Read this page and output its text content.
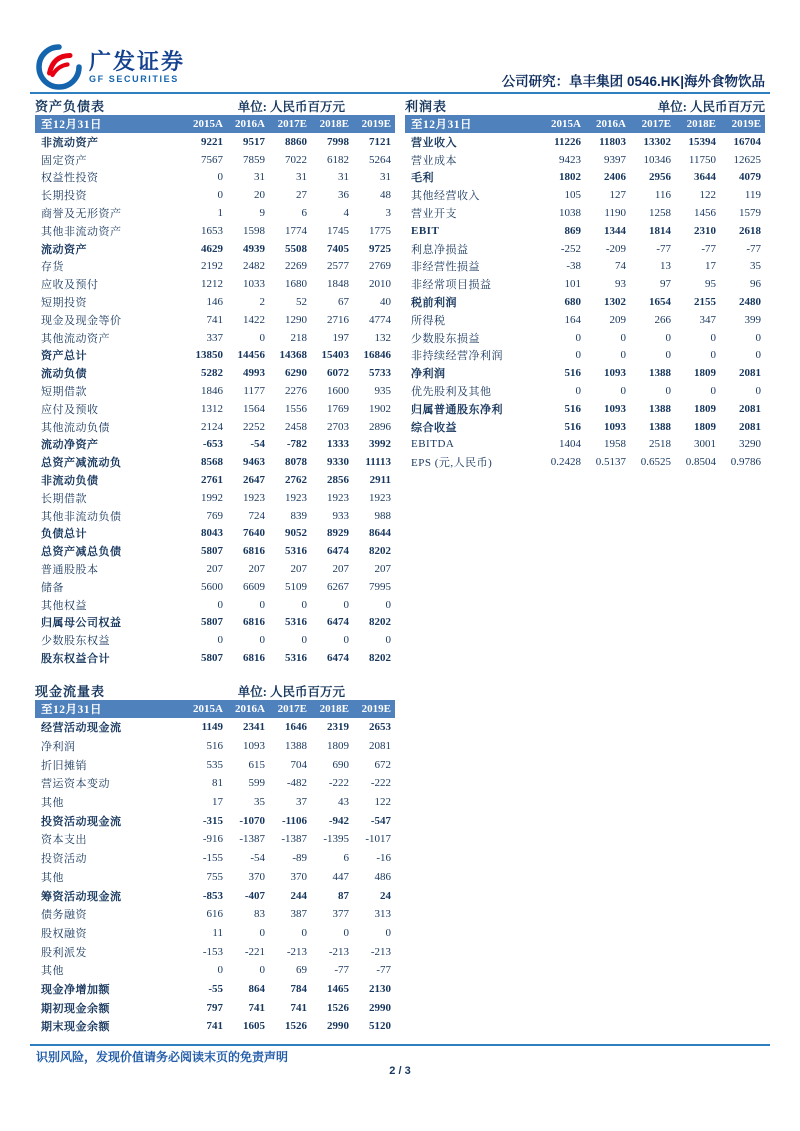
广发证券
GF SECURITIES	公司研究：阜丰集团 0546.HK|海外食物饮品
资产负债表	单位: 人民币百万元
至12月31日	2015A	2016A	2017E	2018E	2019E
非流动资产	9221	9517	8860	7998	7121
固定资产	7567	7859	7022	6182	5264
权益性投资	0	31	31	31	31
长期投资	0	20	27	36	48
商誉及无形资产	1	9	6	4	3
其他非流动资产	1653	1598	1774	1745	1775
流动资产	4629	4939	5508	7405	9725
存货	2192	2482	2269	2577	2769
应收及预付	1212	1033	1680	1848	2010
短期投资	146	2	52	67	40
现金及现金等价	741	1422	1290	2716	4774
其他流动资产	337	0	218	197	132
资产总计	13850	14456	14368	15403	16846
流动负债	5282	4993	6290	6072	5733
短期借款	1846	1177	2276	1600	935
应付及预收	1312	1564	1556	1769	1902
其他流动负债	2124	2252	2458	2703	2896
流动净资产	-653	-54	-782	1333	3992
总资产减流动负	8568	9463	8078	9330	11113
非流动负债	2761	2647	2762	2856	2911
长期借款	1992	1923	1923	1923	1923
其他非流动负债	769	724	839	933	988
负债总计	8043	7640	9052	8929	8644
总资产减总负债	5807	6816	5316	6474	8202
普通股股本	207	207	207	207	207
储备	5600	6609	5109	6267	7995
其他权益	0	0	0	0	0
归属母公司权益	5807	6816	5316	6474	8202
少数股东权益	0	0	0	0	0
股东权益合计	5807	6816	5316	6474	8202
利润表	单位: 人民币百万元
至12月31日	2015A	2016A	2017E	2018E	2019E
营业收入	11226	11803	13302	15394	16704
营业成本	9423	9397	10346	11750	12625
毛利	1802	2406	2956	3644	4079
其他经营收入	105	127	116	122	119
营业开支	1038	1190	1258	1456	1579
EBIT	869	1344	1814	2310	2618
利息净损益	-252	-209	-77	-77	-77
非经营性损益	-38	74	13	17	35
非经常项目损益	101	93	97	95	96
税前利润	680	1302	1654	2155	2480
所得税	164	209	266	347	399
少数股东损益	0	0	0	0	0
非持续经营净利润	0	0	0	0	0
净利润	516	1093	1388	1809	2081
优先股利及其他	0	0	0	0	0
归属普通股东净利	516	1093	1388	1809	2081
综合收益	516	1093	1388	1809	2081
EBITDA	1404	1958	2518	3001	3290
EPS (元,人民币)	0.2428	0.5137	0.6525	0.8504	0.9786
现金流量表	单位: 人民币百万元
至12月31日	2015A	2016A	2017E	2018E	2019E
经营活动现金流	1149	2341	1646	2319	2653
净利润	516	1093	1388	1809	2081
折旧摊销	535	615	704	690	672
营运资本变动	81	599	-482	-222	-222
其他	17	35	37	43	122
投资活动现金流	-315	-1070	-1106	-942	-547
资本支出	-916	-1387	-1387	-1395	-1017
投资活动	-155	-54	-89	6	-16
其他	755	370	370	447	486
筹资活动现金流	-853	-407	244	87	24
债务融资	616	83	387	377	313
股权融资	11	0	0	0	0
股利派发	-153	-221	-213	-213	-213
其他	0	0	69	-77	-77
现金净增加额	-55	864	784	1465	2130
期初现金余额	797	741	741	1526	2990
期末现金余额	741	1605	1526	2990	5120
识别风险，发现价值请务必阅读末页的免责声明
2 / 3
